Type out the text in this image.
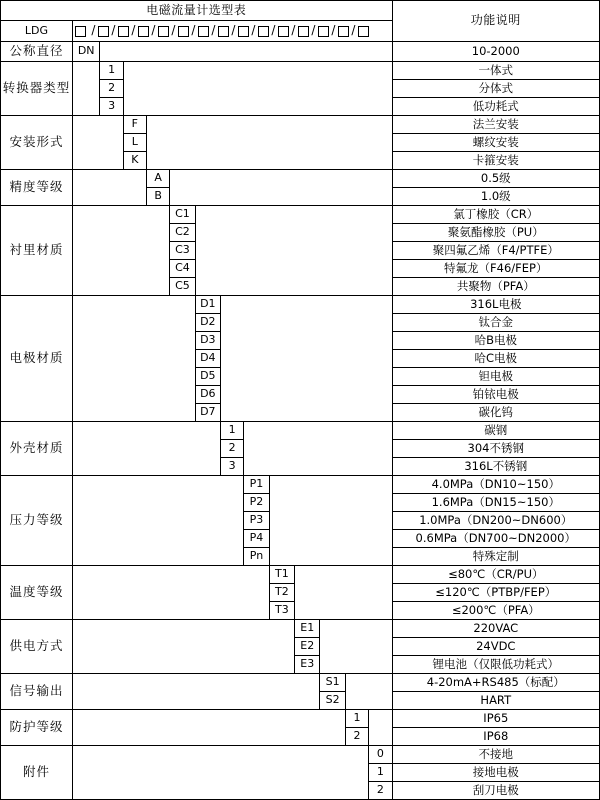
电磁流量计选型表														功能说明
LDG	/ / / / / / / / / / / / / /

公称直径	DN													10-2000
转换器类型		1												一体式
		2												分体式
		3												低功耗式
安装形式			F											法兰安装
			L											螺纹安装
			K											卡箍安装
精度等级				A										0.5级
				B										1.0级
衬里材质					C1									氯丁橡胶（CR）
					C2									聚氨酯橡胶（PU）
					C3									聚四氟乙烯（F4/PTFE）
					C4									特氟龙（F46/FEP）
					C5									共聚物（PFA）
电极材质						D1								316L电极
						D2								钛合金
						D3								哈B电极
						D4								哈C电极
						D5								钽电极
						D6								铂铱电极
						D7								碳化钨
外壳材质							1							碳钢
							2							304不锈钢
							3							316L不锈钢
压力等级								P1						4.0MPa（DN10~150）
								P2						1.6MPa（DN15~150）
								P3						1.0MPa（DN200~DN600）
								P4						0.6MPa（DN700~DN2000）
								Pn						特殊定制
温度等级									T1					≤80℃（CR/PU）
									T2					≤120℃（PTBP/FEP）
									T3					≤200℃（PFA）
供电方式										E1				220VAC
										E2				24VDC
										E3				锂电池（仅限低功耗式）
信号输出											S1			4-20mA+RS485（标配）
											S2			HART
防护等级												1		IP65
												2		IP68
附件													0	不接地
													1	接地电极
													2	刮刀电极
